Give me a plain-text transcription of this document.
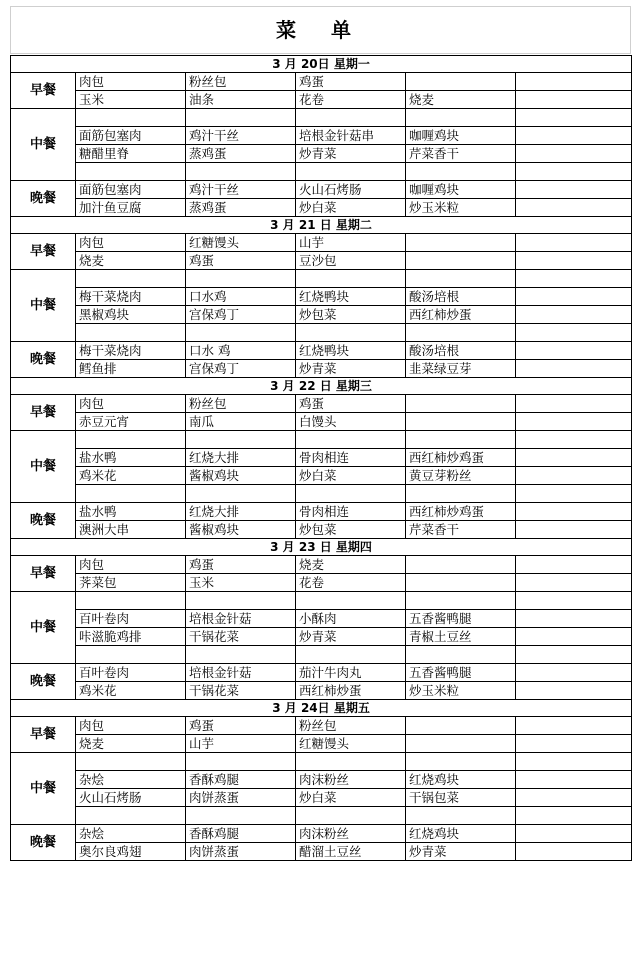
菜 单
3 月 20日 星期一					
早餐	肉包	粉丝包	鸡蛋		
	玉米	油条	花卷	烧麦	
中餐					
	面筋包塞肉	鸡汁干丝	培根金针菇串	咖喱鸡块	
	糖醋里脊	蒸鸡蛋	炒青菜	芹菜香干	

晚餐	面筋包塞肉	鸡汁干丝	火山石烤肠	咖喱鸡块	
	加汁鱼豆腐	蒸鸡蛋	炒白菜	炒玉米粒	
3 月 21 日 星期二					
早餐	肉包	红糖馒头	山芋		
	烧麦	鸡蛋	豆沙包		
中餐					
	梅干菜烧肉	口水鸡	红烧鸭块	酸汤培根	
	黑椒鸡块	宫保鸡丁	炒包菜	西红柿炒蛋	

晚餐	梅干菜烧肉	口水 鸡	红烧鸭块	酸汤培根	
	鳕鱼排	宫保鸡丁	炒青菜	韭菜绿豆芽	
3 月 22 日 星期三					
早餐	肉包	粉丝包	鸡蛋		
	赤豆元宵	南瓜	白馒头		
中餐					
	盐水鸭	红烧大排	骨肉相连	西红柿炒鸡蛋	
	鸡米花	酱椒鸡块	炒白菜	黄豆芽粉丝	

晚餐	盐水鸭	红烧大排	骨肉相连	西红柿炒鸡蛋	
	澳洲大串	酱椒鸡块	炒包菜	芹菜香干	
3 月 23 日 星期四					
早餐	肉包	鸡蛋	烧麦		
	荠菜包	玉米	花卷		
中餐					
	百叶卷肉	培根金针菇	小酥肉	五香酱鸭腿	
	咔滋脆鸡排	干锅花菜	炒青菜	青椒土豆丝	

晚餐	百叶卷肉	培根金针菇	茄汁牛肉丸	五香酱鸭腿	
	鸡米花	干锅花菜	西红柿炒蛋	炒玉米粒	
3 月 24日 星期五					
早餐	肉包	鸡蛋	粉丝包		
	烧麦	山芋	红糖馒头		
中餐					
	杂烩	香酥鸡腿	肉沫粉丝	红烧鸡块	
	火山石烤肠	肉饼蒸蛋	炒白菜	干锅包菜	

晚餐	杂烩	香酥鸡腿	肉沫粉丝	红烧鸡块	
	奥尔良鸡翅	肉饼蒸蛋	醋溜土豆丝	炒青菜	
